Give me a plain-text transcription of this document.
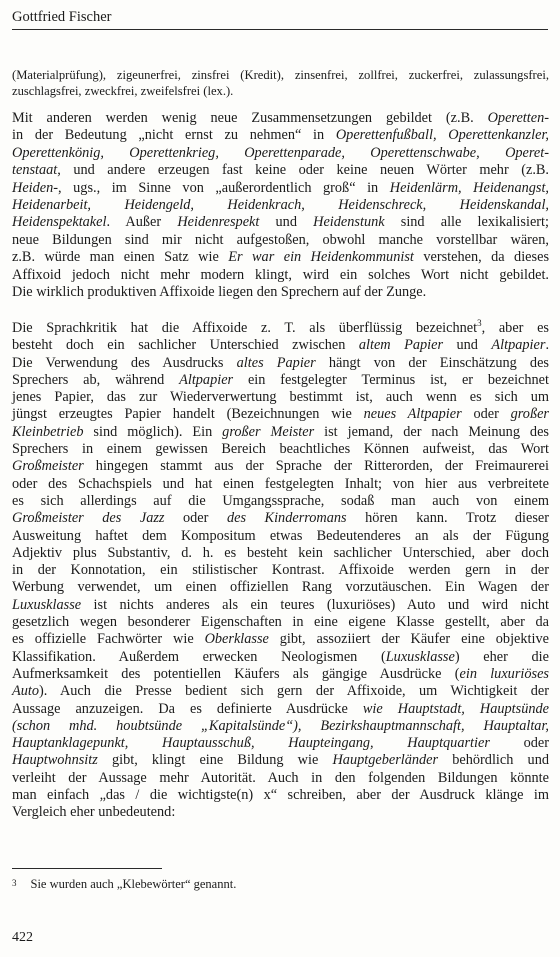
Gottfried Fischer
(Materialprüfung), zigeunerfrei, zinsfrei (Kredit), zinsenfrei, zollfrei, zuckerfrei, zulassungsfrei,
zuschlagsfrei, zweckfrei, zweifelsfrei (lex.).
Mit anderen werden wenig neue Zusammensetzungen gebildet (z.B. Operetten-
in der Bedeutung „nicht ernst zu nehmen“ in Operettenfußball, Operettenkanzler,
Operettenkönig, Operettenkrieg, Operettenparade, Operettenschwabe, Operet-
tenstaat, und andere erzeugen fast keine oder keine neuen Wörter mehr (z.B.
Heiden-, ugs., im Sinne von „außerordentlich groß“ in Heidenlärm, Heidenangst,
Heidenarbeit, Heidengeld, Heidenkrach, Heidenschreck, Heidenskandal,
Heidenspektakel. Außer Heidenrespekt und Heidenstunk sind alle lexikalisiert;
neue Bildungen sind mir nicht aufgestoßen, obwohl manche vorstellbar wären,
z.B. würde man einen Satz wie Er war ein Heidenkommunist verstehen, da dieses
Affixoid jedoch nicht mehr modern klingt, wird ein solches Wort nicht gebildet.
Die wirklich produktiven Affixoide liegen den Sprechern auf der Zunge.
Die Sprachkritik hat die Affixoide z. T. als überflüssig bezeichnet$^3$, aber es
besteht doch ein sachlicher Unterschied zwischen altem Papier und Altpapier.
Die Verwendung des Ausdrucks altes Papier hängt von der Einschätzung des
Sprechers ab, während Altpapier ein festgelegter Terminus ist, er bezeichnet
jenes Papier, das zur Wiederverwertung bestimmt ist, auch wenn es sich um
jüngst erzeugtes Papier handelt (Bezeichnungen wie neues Altpapier oder großer
Kleinbetrieb sind möglich). Ein großer Meister ist jemand, der nach Meinung des
Sprechers in einem gewissen Bereich beachtliches Können aufweist, das Wort
Großmeister hingegen stammt aus der Sprache der Ritterorden, der Freimaurerei
oder des Schachspiels und hat einen festgelegten Inhalt; von hier aus verbreitete
es sich allerdings auf die Umgangssprache, sodaß man auch von einem
Großmeister des Jazz oder des Kinderromans hören kann. Trotz dieser
Ausweitung haftet dem Kompositum etwas Bedeutenderes an als der Fügung
Adjektiv plus Substantiv, d. h. es besteht kein sachlicher Unterschied, aber doch
in der Konnotation, ein stilistischer Kontrast. Affixoide werden gern in der
Werbung verwendet, um einen offiziellen Rang vorzutäuschen. Ein Wagen der
Luxusklasse ist nichts anderes als ein teures (luxuriöses) Auto und wird nicht
gesetzlich wegen besonderer Eigenschaften in eine eigene Klasse gestellt, aber da
es offizielle Fachwörter wie Oberklasse gibt, assoziiert der Käufer eine objektive
Klassifikation. Außerdem erwecken Neologismen (Luxusklasse) eher die
Aufmerksamkeit des potentiellen Käufers als gängige Ausdrücke (ein luxuriöses
Auto). Auch die Presse bedient sich gern der Affixoide, um Wichtigkeit der
Aussage anzuzeigen. Da es definierte Ausdrücke wie Hauptstadt, Hauptsünde
(schon mhd. houbtsünde „Kapitalsünde“), Bezirkshauptmannschaft, Hauptaltar,
Hauptanklagepunkt, Hauptausschuß, Haupteingang, Hauptquartier oder
Hauptwohnsitz gibt, klingt eine Bildung wie Hauptgeberländer behördlich und
verleiht der Aussage mehr Autorität. Auch in den folgenden Bildungen könnte
man einfach „das / die wichtigste(n) x“ schreiben, aber der Ausdruck klänge im
Vergleich eher unbedeutend:
$^3$ Sie wurden auch „Klebewörter“ genannt.
422
